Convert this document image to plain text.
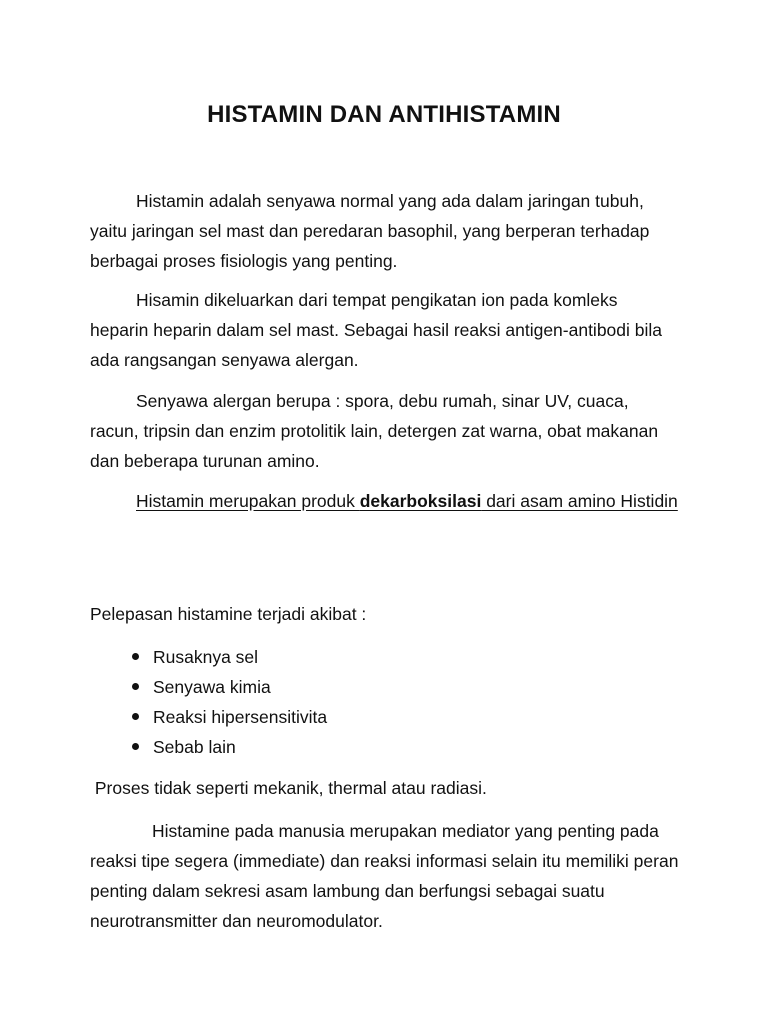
HISTAMIN DAN ANTIHISTAMIN

Histamin adalah senyawa normal yang ada dalam jaringan tubuh, yaitu jaringan sel mast dan peredaran basophil, yang berperan terhadap berbagai proses fisiologis yang penting.

Hisamin dikeluarkan dari tempat pengikatan ion pada komleks heparin heparin dalam sel mast. Sebagai hasil reaksi antigen-antibodi bila ada rangsangan senyawa alergan.

Senyawa alergan berupa : spora, debu rumah, sinar UV, cuaca, racun, tripsin dan enzim protolitik lain, detergen zat warna, obat makanan dan beberapa turunan amino.

Histamin merupakan produk dekarboksilasi dari asam amino Histidin

Pelepasan histamine terjadi akibat :

Rusaknya sel
Senyawa kimia
Reaksi hipersensitivita
Sebab lain

Proses tidak seperti mekanik, thermal atau radiasi.

Histamine pada manusia merupakan mediator yang penting pada reaksi tipe segera (immediate) dan reaksi informasi selain itu memiliki peran penting dalam sekresi asam lambung dan berfungsi sebagai suatu neurotransmitter dan neuromodulator.
